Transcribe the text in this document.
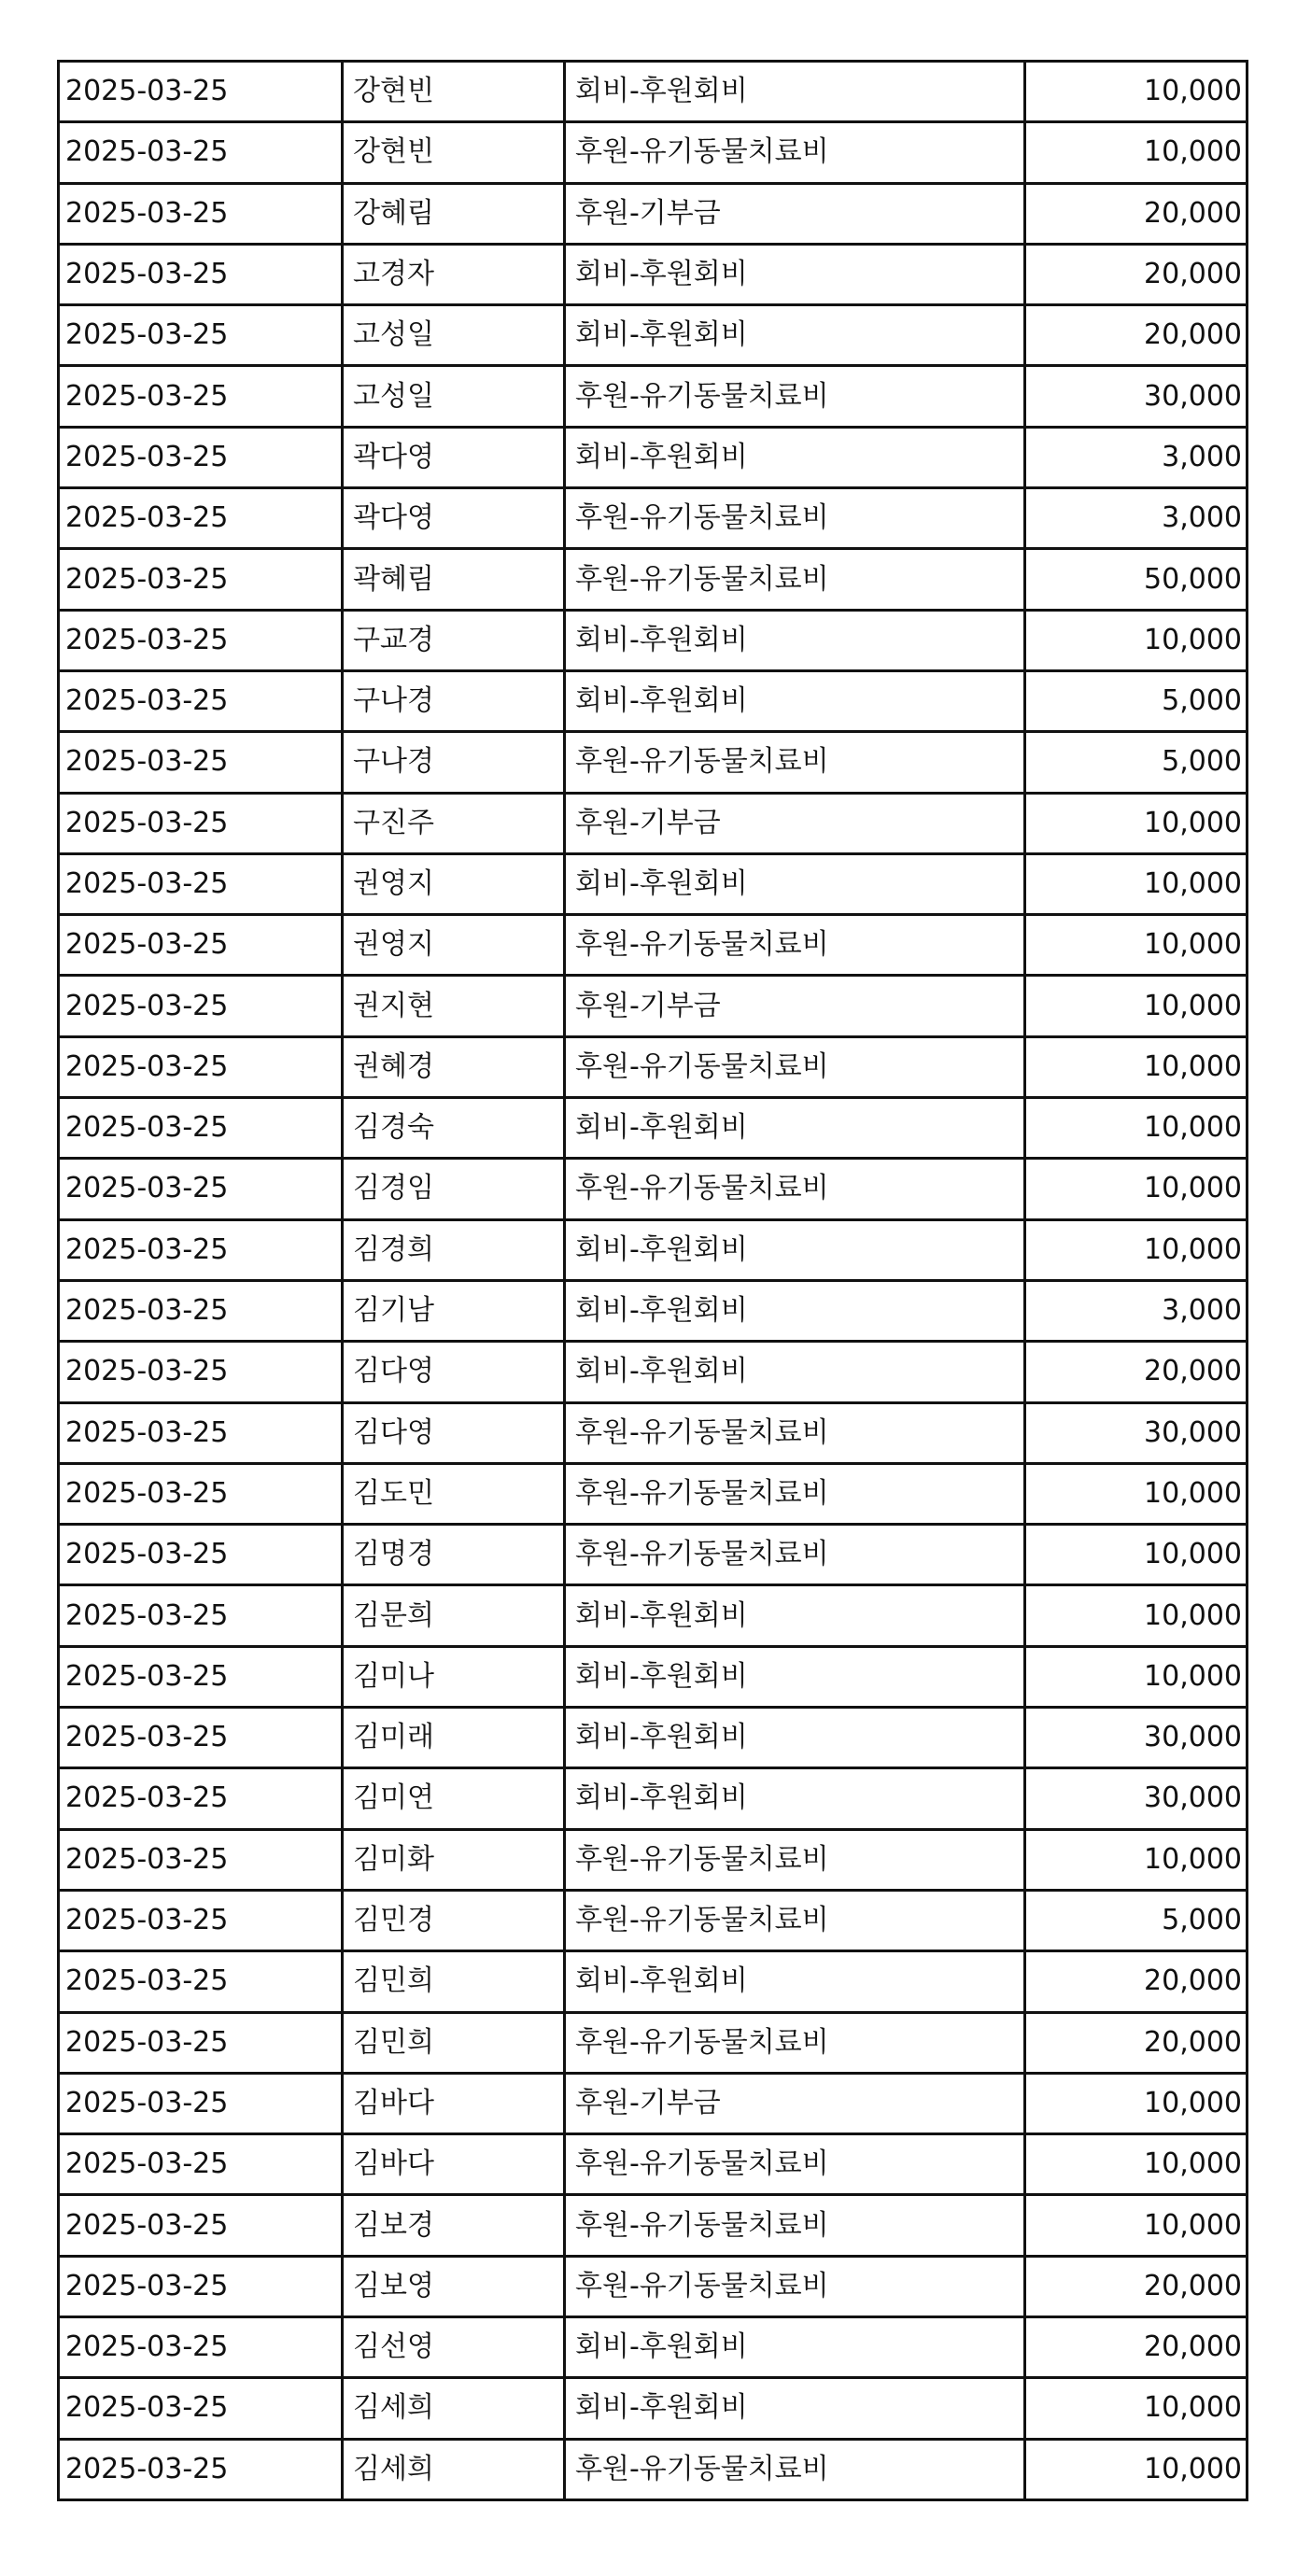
2025-03-25	강현빈	회비-후원회비	10,000
2025-03-25	강현빈	후원-유기동물치료비	10,000
2025-03-25	강혜림	후원-기부금	20,000
2025-03-25	고경자	회비-후원회비	20,000
2025-03-25	고성일	회비-후원회비	20,000
2025-03-25	고성일	후원-유기동물치료비	30,000
2025-03-25	곽다영	회비-후원회비	3,000
2025-03-25	곽다영	후원-유기동물치료비	3,000
2025-03-25	곽혜림	후원-유기동물치료비	50,000
2025-03-25	구교경	회비-후원회비	10,000
2025-03-25	구나경	회비-후원회비	5,000
2025-03-25	구나경	후원-유기동물치료비	5,000
2025-03-25	구진주	후원-기부금	10,000
2025-03-25	권영지	회비-후원회비	10,000
2025-03-25	권영지	후원-유기동물치료비	10,000
2025-03-25	권지현	후원-기부금	10,000
2025-03-25	권혜경	후원-유기동물치료비	10,000
2025-03-25	김경숙	회비-후원회비	10,000
2025-03-25	김경임	후원-유기동물치료비	10,000
2025-03-25	김경희	회비-후원회비	10,000
2025-03-25	김기남	회비-후원회비	3,000
2025-03-25	김다영	회비-후원회비	20,000
2025-03-25	김다영	후원-유기동물치료비	30,000
2025-03-25	김도민	후원-유기동물치료비	10,000
2025-03-25	김명경	후원-유기동물치료비	10,000
2025-03-25	김문희	회비-후원회비	10,000
2025-03-25	김미나	회비-후원회비	10,000
2025-03-25	김미래	회비-후원회비	30,000
2025-03-25	김미연	회비-후원회비	30,000
2025-03-25	김미화	후원-유기동물치료비	10,000
2025-03-25	김민경	후원-유기동물치료비	5,000
2025-03-25	김민희	회비-후원회비	20,000
2025-03-25	김민희	후원-유기동물치료비	20,000
2025-03-25	김바다	후원-기부금	10,000
2025-03-25	김바다	후원-유기동물치료비	10,000
2025-03-25	김보경	후원-유기동물치료비	10,000
2025-03-25	김보영	후원-유기동물치료비	20,000
2025-03-25	김선영	회비-후원회비	20,000
2025-03-25	김세희	회비-후원회비	10,000
2025-03-25	김세희	후원-유기동물치료비	10,000
